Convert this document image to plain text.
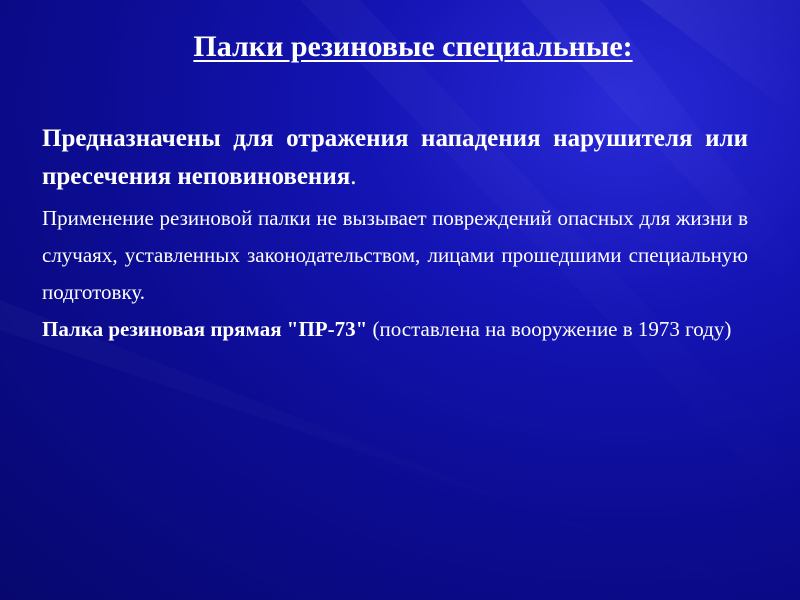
Палки резиновые специальные:

Предназначены для отражения нападения нарушителя или пресечения неповиновения.

Применение резиновой палки не вызывает повреждений опасных для жизни в случаях, уставленных законодательством, лицами прошедшими специальную подготовку.

Палка резиновая прямая "ПР-73" (поставлена на вооружение в 1973 году)
